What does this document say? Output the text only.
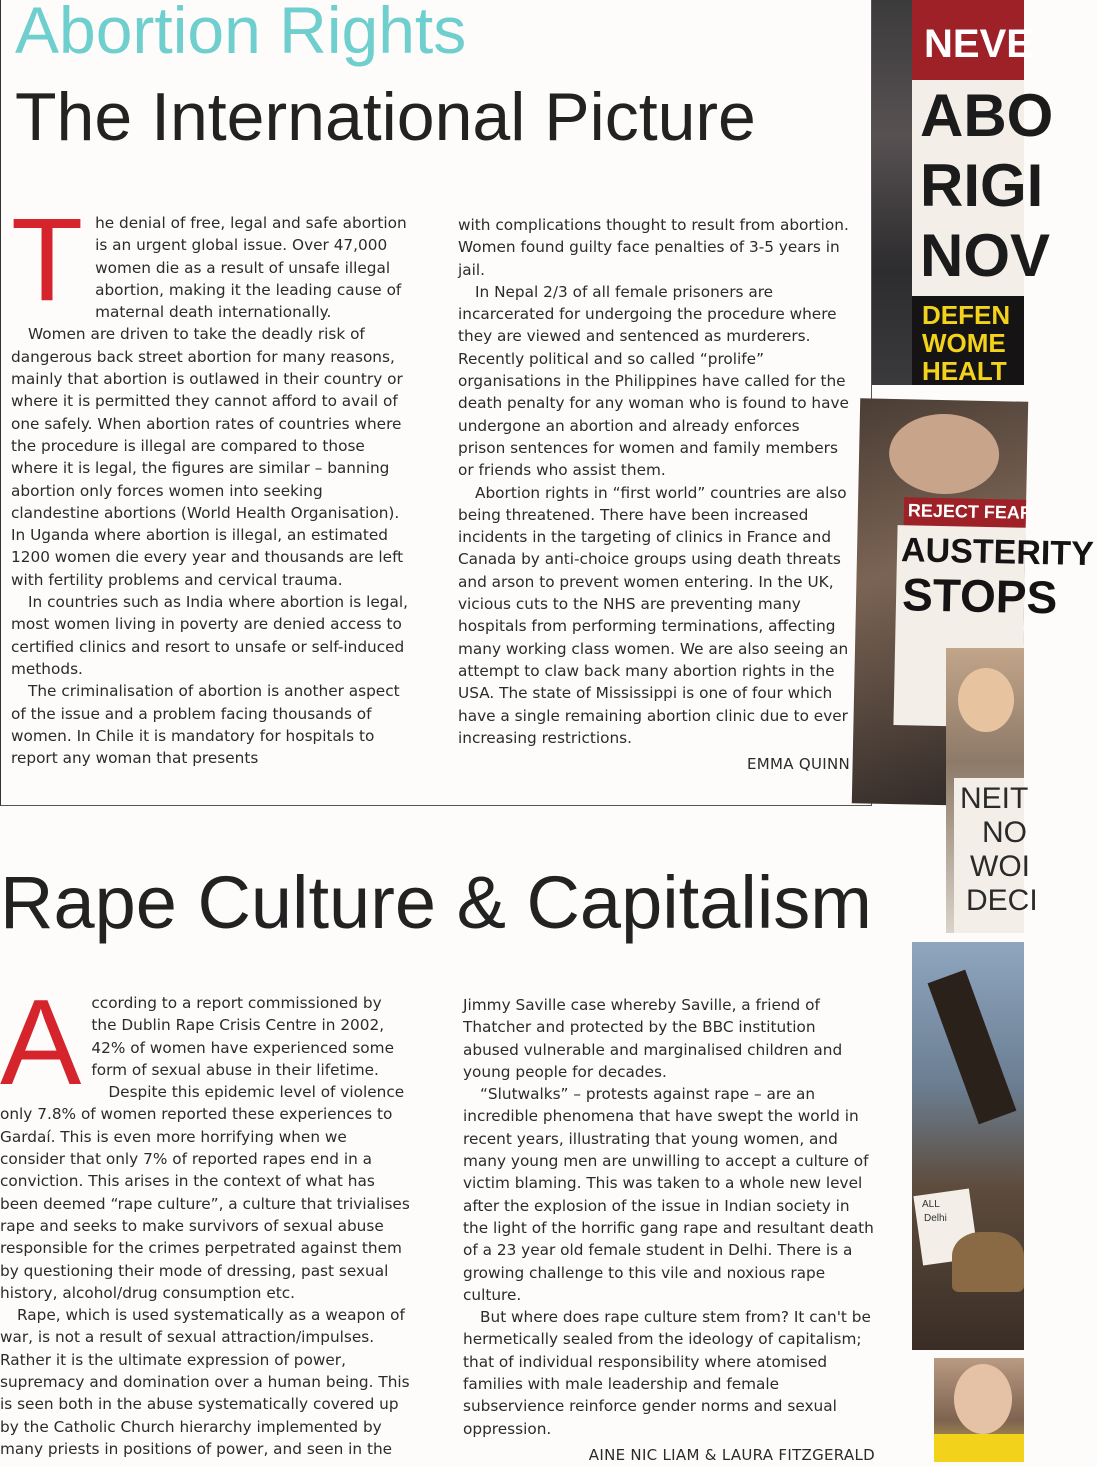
Abortion Rights
The International Picture

The denial of free, legal and safe abortion is an urgent global issue. Over 47,000 women die as a result of unsafe illegal abortion, making it the leading cause of maternal death internationally.

Women are driven to take the deadly risk of dangerous back street abortion for many reasons, mainly that abortion is outlawed in their country or where it is permitted they cannot afford to avail of one safely. When abortion rates of countries where the procedure is illegal are compared to those where it is legal, the figures are similar – banning abortion only forces women into seeking clandestine abortions (World Health Organisation). In Uganda where abortion is illegal, an estimated 1200 women die every year and thousands are left with fertility problems and cervical trauma.

In countries such as India where abortion is legal, most women living in poverty are denied access to certified clinics and resort to unsafe or self-induced methods.

The criminalisation of abortion is another aspect of the issue and a problem facing thousands of women. In Chile it is mandatory for hospitals to report any woman that presents

with complications thought to result from abortion. Women found guilty face penalties of 3-5 years in jail.

In Nepal 2/3 of all female prisoners are incarcerated for undergoing the procedure where they are viewed and sentenced as murderers. Recently political and so called “prolife” organisations in the Philippines have called for the death penalty for any woman who is found to have undergone an abortion and already enforces prison sentences for women and family members or friends who assist them.

Abortion rights in “first world” countries are also being threatened. There have been increased incidents in the targeting of clinics in France and Canada by anti-choice groups using death threats and arson to prevent women entering. In the UK, vicious cuts to the NHS are preventing many hospitals from performing terminations, affecting many working class women. We are also seeing an attempt to claw back many abortion rights in the USA. The state of Mississippi is one of four which have a single remaining abortion clinic due to ever increasing restrictions.

EMMA QUINN
Rape Culture & Capitalism

According to a report commissioned by the Dublin Rape Crisis Centre in 2002, 42% of women have experienced some form of sexual abuse in their lifetime.

Despite this epidemic level of violence only 7.8% of women reported these experiences to Gardaí. This is even more horrifying when we consider that only 7% of reported rapes end in a conviction. This arises in the context of what has been deemed “rape culture”, a culture that trivialises rape and seeks to make survivors of sexual abuse responsible for the crimes perpetrated against them by questioning their mode of dressing, past sexual history, alcohol/drug consumption etc.

Rape, which is used systematically as a weapon of war, is not a result of sexual attraction/impulses. Rather it is the ultimate expression of power, supremacy and domination over a human being. This is seen both in the abuse systematically covered up by the Catholic Church hierarchy implemented by many priests in positions of power, and seen in the

Jimmy Saville case whereby Saville, a friend of Thatcher and protected by the BBC institution abused vulnerable and marginalised children and young people for decades.

“Slutwalks” – protests against rape – are an incredible phenomena that have swept the world in recent years, illustrating that young women, and many young men are unwilling to accept a culture of victim blaming. This was taken to a whole new level after the explosion of the issue in Indian society in the light of the horrific gang rape and resultant death of a 23 year old female student in Delhi. There is a growing challenge to this vile and noxious rape culture.

But where does rape culture stem from? It can't be hermetically sealed from the ideology of capitalism; that of individual responsibility where atomised families with male leadership and female subservience reinforce gender norms and sexual oppression.

AINE NIC LIAM & LAURA FITZGERALD
NEVE
ABO
RIGI
NOV
DEFEN
WOME
HEALT
REJECT FEAR
AUSTERITY
STOPS
NEIT
NO
WOI
DECI
ALL
Delhi
